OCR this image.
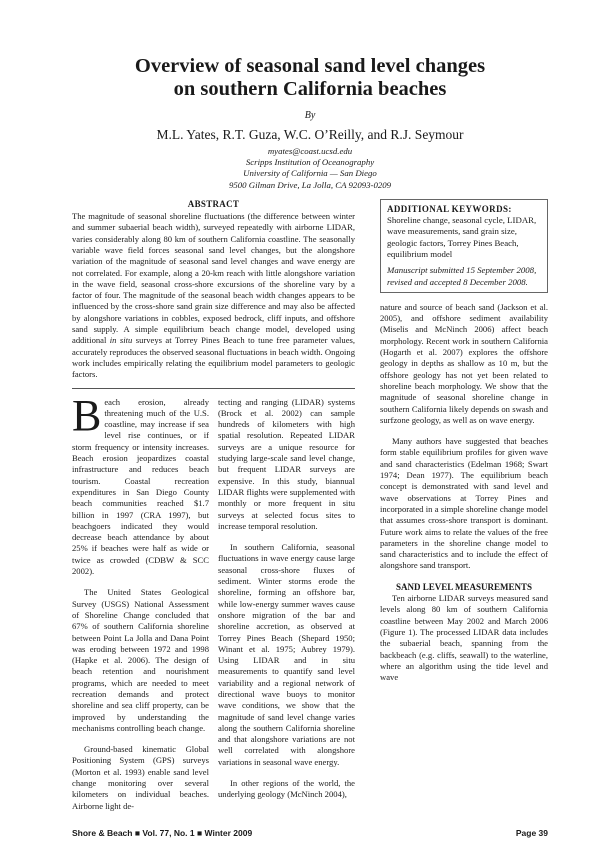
Overview of seasonal sand level changes
on southern California beaches
By
M.L. Yates, R.T. Guza, W.C. O’Reilly, and R.J. Seymour
myates@coast.ucsd.edu
Scripps Institution of Oceanography
University of California — San Diego
9500 Gilman Drive, La Jolla, CA 92093-0209
ABSTRACT

The magnitude of seasonal shoreline fluctuations (the difference between winter and summer subaerial beach width), surveyed repeatedly with airborne LIDAR, varies considerably along 80 km of southern California coastline. The seasonally variable wave field forces seasonal sand level changes, but the alongshore variation of the magnitude of seasonal sand level changes and wave energy are not correlated. For example, along a 20-km reach with little alongshore variation in the wave field, seasonal cross-shore excursions of the shoreline vary by a factor of four. The magnitude of the seasonal beach width changes appears to be influenced by the cross-shore sand grain size difference and may also be affected by alongshore variations in cobbles, exposed bedrock, cliff inputs, and offshore sand supply. A simple equilibrium beach change model, developed using additional in situ surveys at Torrey Pines Beach to tune free parameter values, accurately reproduces the observed seasonal fluctuations in beach width. Ongoing work includes empirically relating the equilibrium model parameters to geologic factors.

Beach erosion, already threatening much of the U.S. coastline, may increase if sea level rise continues, or if storm frequency or intensity increases. Beach erosion jeopardizes coastal infrastructure and reduces beach tourism. Coastal recreation expenditures in San Diego County beach communities reached $1.7 billion in 1997 (CRA 1997), but beachgoers indicated they would decrease beach attendance by about 25% if beaches were half as wide or twice as crowded (CDBW & SCC 2002).

The United States Geological Survey (USGS) National Assessment of Shoreline Change concluded that 67% of southern California shoreline between Point La Jolla and Dana Point was eroding between 1972 and 1998 (Hapke et al. 2006). The design of beach retention and nourishment programs, which are needed to meet recreation demands and protect shoreline and sea cliff property, can be improved by understanding the mechanisms controlling beach change.

Ground-based kinematic Global Positioning System (GPS) surveys (Morton et al. 1993) enable sand level change monitoring over several kilometers on individual beaches. Airborne light de-

tecting and ranging (LIDAR) systems (Brock et al. 2002) can sample hundreds of kilometers with high spatial resolution. Repeated LIDAR surveys are a unique resource for studying large-scale sand level change, but frequent LIDAR surveys are expensive. In this study, biannual LIDAR flights were supplemented with monthly or more frequent in situ surveys at selected focus sites to increase temporal resolution.

In southern California, seasonal fluctuations in wave energy cause large seasonal cross-shore fluxes of sediment. Winter storms erode the shoreline, forming an offshore bar, while low-energy summer waves cause onshore migration of the bar and shoreline accretion, as observed at Torrey Pines Beach (Shepard 1950; Winant et al. 1975; Aubrey 1979). Using LIDAR and in situ measurements to quantify sand level variability and a regional network of directional wave buoys to monitor wave conditions, we show that the magnitude of sand level change varies along the southern California shoreline and that alongshore variations are not well correlated with alongshore variations in seasonal wave energy.

In other regions of the world, the underlying geology (McNinch 2004),

ADDITIONAL KEYWORDS:

Shoreline change, seasonal cycle, LIDAR, wave measurements, sand grain size, geologic factors, Torrey Pines Beach, equilibrium model

Manuscript submitted 15 September 2008, revised and accepted 8 December 2008.

nature and source of beach sand (Jackson et al. 2005), and offshore sediment availability (Miselis and McNinch 2006) affect beach morphology. Recent work in southern California (Hogarth et al. 2007) explores the offshore geology in depths as shallow as 10 m, but the offshore geology has not yet been related to shoreline beach morphology. We show that the magnitude of seasonal shoreline change in southern California likely depends on swash and surfzone geology, as well as on wave energy.

Many authors have suggested that beaches form stable equilibrium profiles for given wave and sand characteristics (Edelman 1968; Swart 1974; Dean 1977). The equilibrium beach concept is demonstrated with sand level and wave observations at Torrey Pines and incorporated in a simple shoreline change model that assumes cross-shore transport is dominant. Future work aims to relate the values of the free parameters in the shoreline change model to sand characteristics and to include the effect of alongshore sand transport.

SAND LEVEL MEASUREMENTS

Ten airborne LIDAR surveys measured sand levels along 80 km of southern California coastline between May 2002 and March 2006 (Figure 1). The processed LIDAR data includes the subaerial beach, spanning from the backbeach (e.g. cliffs, seawall) to the waterline, where an algorithm using the tide level and wave

Shore & Beach ■ Vol. 77, No. 1 ■ Winter 2009	Page 39
